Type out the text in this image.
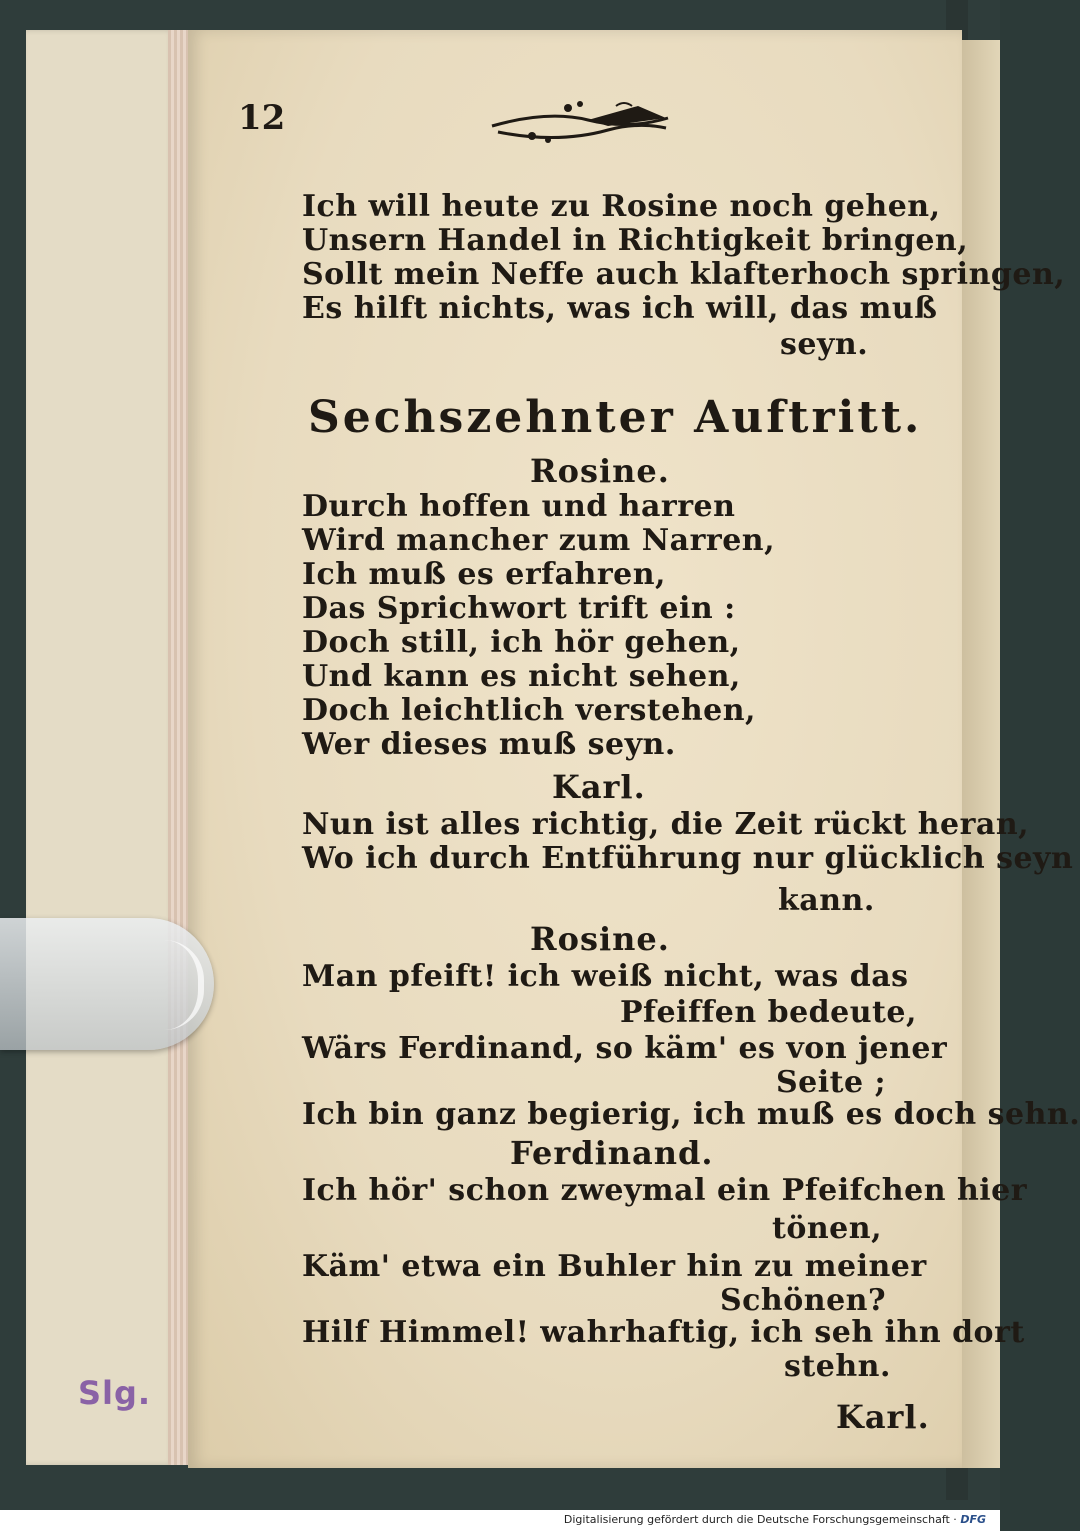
Slg.
12
Ich will heute zu Rosine noch gehen,
Unsern Handel in Richtigkeit bringen,
Sollt mein Neffe auch klafterhoch springen,
Es hilft nichts, was ich will, das muß
seyn.
Sechszehnter Auftritt.
Rosine.
Durch hoffen und harren
Wird mancher zum Narren,
Ich muß es erfahren,
Das Sprichwort trift ein :
Doch still, ich hör gehen,
Und kann es nicht sehen,
Doch leichtlich verstehen,
Wer dieses muß seyn.
Karl.
Nun ist alles richtig, die Zeit rückt heran,
Wo ich durch Entführung nur glücklich seyn
kann.
Rosine.
Man pfeift! ich weiß nicht, was das
Pfeiffen bedeute,
Wärs Ferdinand, so käm' es von jener
Seite ;
Ich bin ganz begierig, ich muß es doch sehn.
Ferdinand.
Ich hör' schon zweymal ein Pfeifchen hier
tönen,
Käm' etwa ein Buhler hin zu meiner
Schönen?
Hilf Himmel! wahrhaftig, ich seh ihn dort
stehn.
Karl.
Digitalisierung gefördert durch die Deutsche Forschungsgemeinschaft · DFG
